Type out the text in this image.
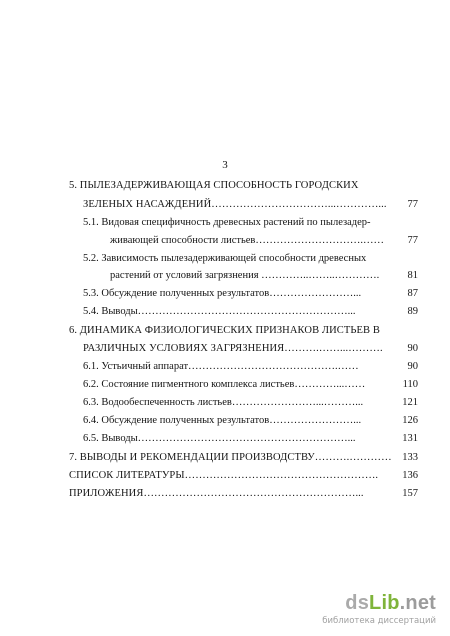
3
5. ПЫЛЕЗАДЕРЖИВАЮЩАЯ СПОСОБНОСТЬ ГОРОДСКИХ
ЗЕЛЕНЫХ НАСАЖДЕНИЙ……………………………...…………...	77
5.1. Видовая специфичность древесных растений по пылезадер-
живающей способности листьев………………………….……	77
5.2. Зависимость пылезадерживающей способности древесных
растений от условий загрязнения …………..……..………….	81
5.3. Обсуждение полученных результатов……………………...	87
5.4. Выводы……………………………………………………...	89
6. ДИНАМИКА ФИЗИОЛОГИЧЕСКИХ ПРИЗНАКОВ ЛИСТЬЕВ В
РАЗЛИЧНЫХ УСЛОВИЯХ ЗАГРЯЗНЕНИЯ……….……...……….	90
6.1. Устьичный аппарат…………………………………….……	90
6.2. Состояние пигментного комплекса листьев…………...……	110
6.3. Водообеспеченность листьев……………………...………...	121
6.4. Обсуждение полученных результатов……………………...	126
6.5. Выводы……………………………………………………...	131
7. ВЫВОДЫ И РЕКОМЕНДАЦИИ ПРОИЗВОДСТВУ……….…………	133
СПИСОК ЛИТЕРАТУРЫ……………………………………………….	136
ПРИЛОЖЕНИЯ……………………………………………………...	157
dsLib.net
библиотека диссертаций
